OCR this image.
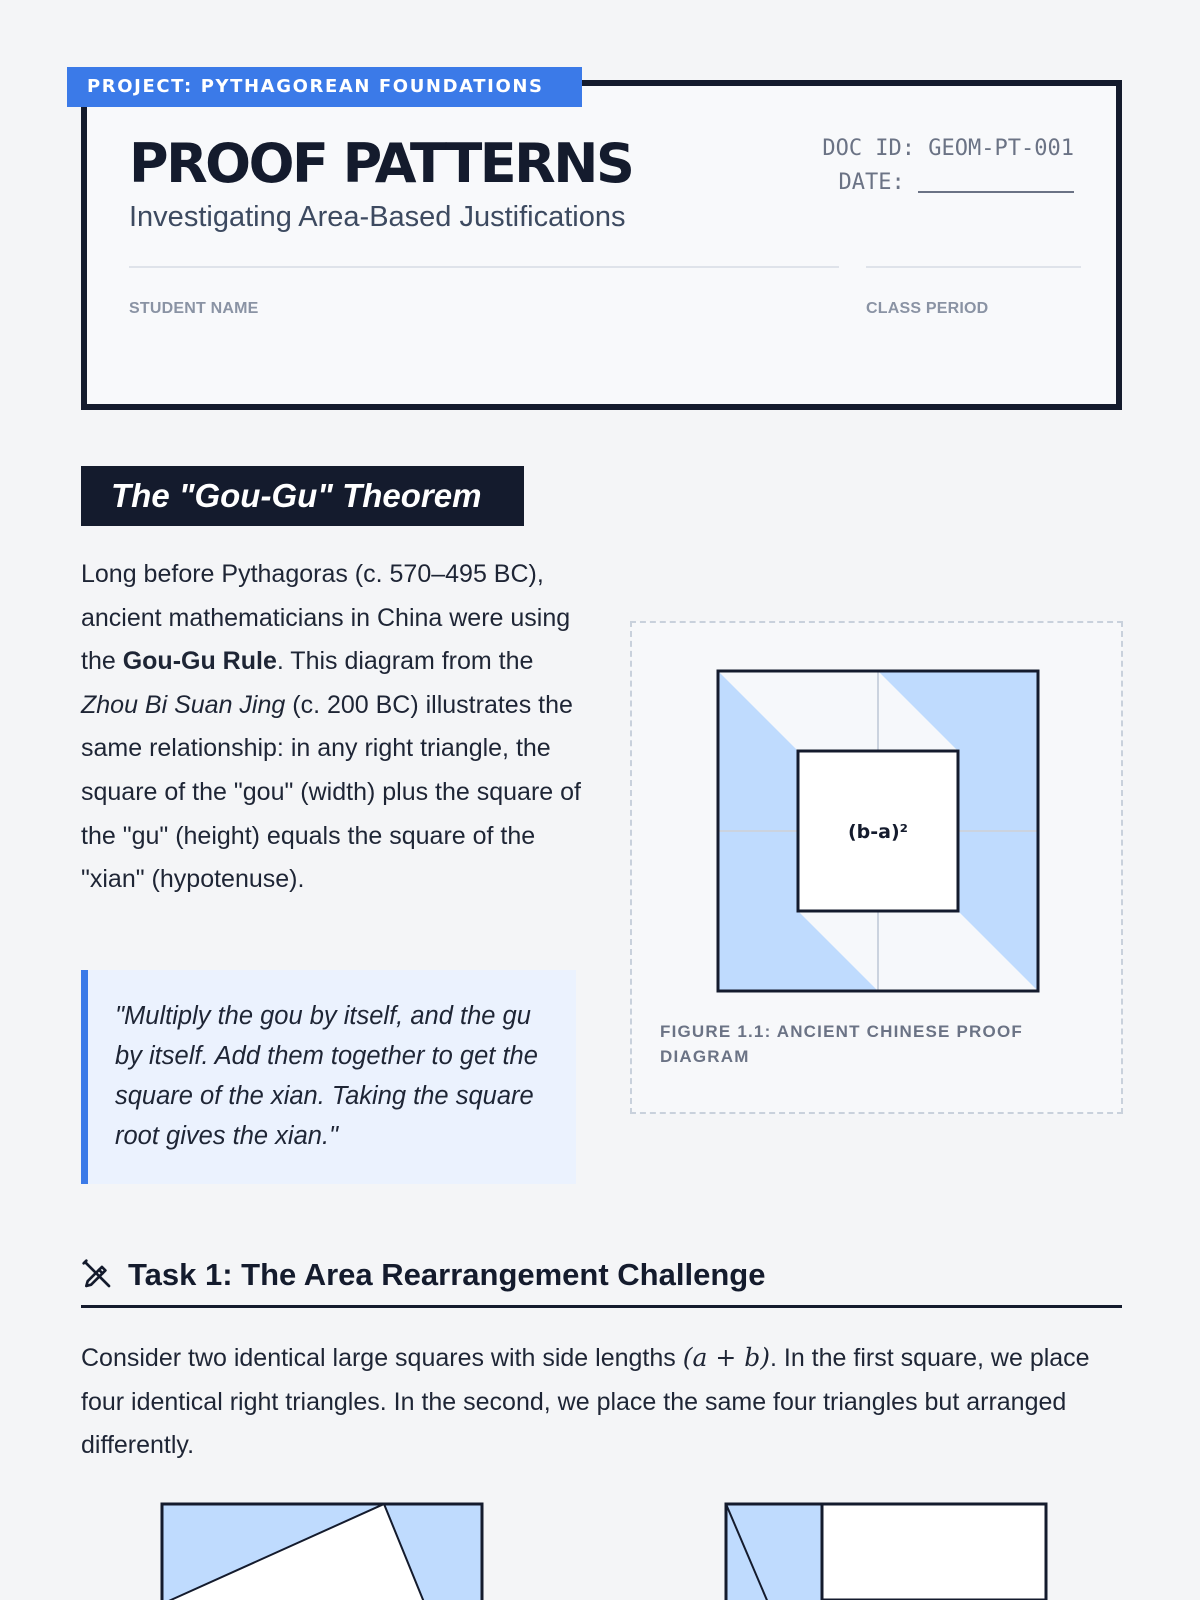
PROJECT: PYTHAGOREAN FOUNDATIONS
PROOF PATTERNS
Investigating Area-Based Justifications
DOC ID: GEOM-PT-001
DATE:
STUDENT NAME	CLASS PERIOD
The "Gou-Gu" Theorem

Long before Pythagoras (c. 570–495 BC), ancient mathematicians in China were using the Gou-Gu Rule. This diagram from the Zhou Bi Suan Jing (c. 200 BC) illustrates the same relationship: in any right triangle, the square of the "gou" (width) plus the square of the "gu" (height) equals the square of the "xian" (hypotenuse).

"Multiply the gou by itself, and the gu by itself. Add them together to get the square of the xian. Taking the square root gives the xian."
(b-a)²
FIGURE 1.1: ANCIENT CHINESE PROOF DIAGRAM
Task 1: The Area Rearrangement Challenge

Consider two identical large squares with side lengths (a + b). In the first square, we place four identical right triangles. In the second, we place the same four triangles but arranged differently.
